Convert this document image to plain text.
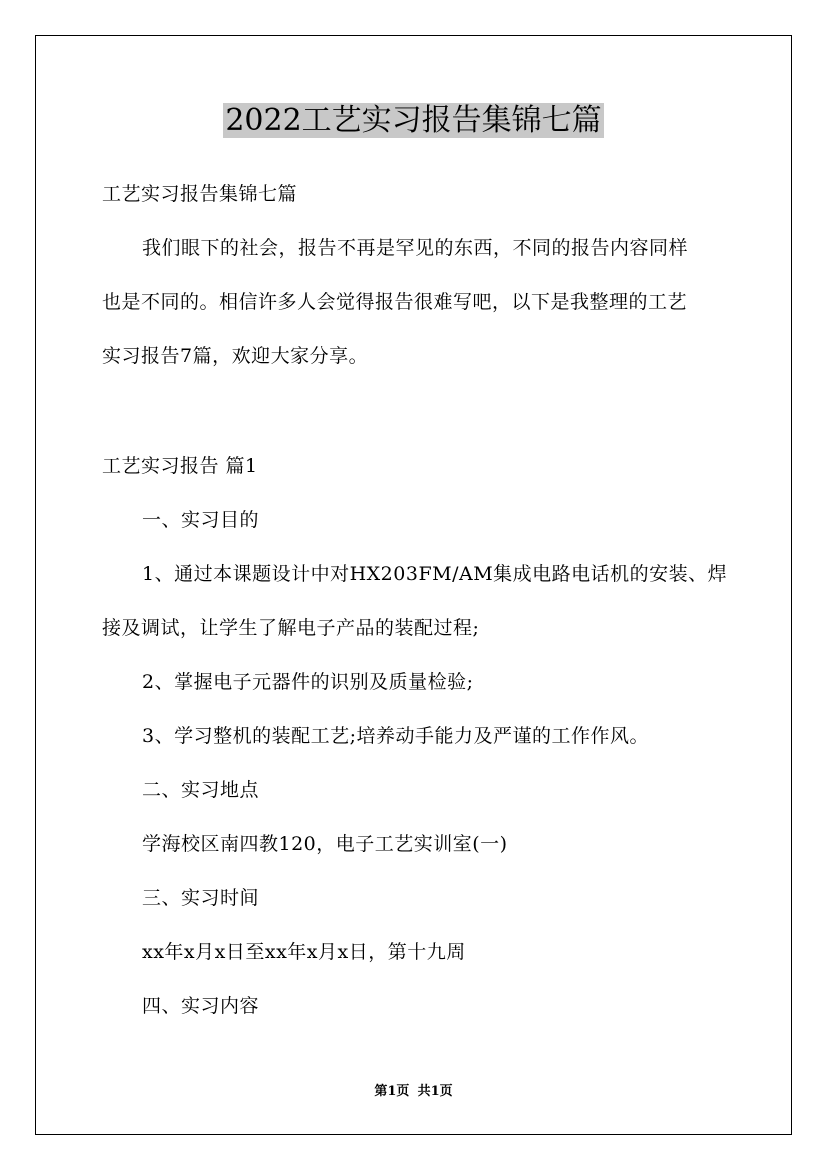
2022工艺实习报告集锦七篇
工艺实习报告集锦七篇
我们眼下的社会，报告不再是罕见的东西，不同的报告内容同样
也是不同的。相信许多人会觉得报告很难写吧，以下是我整理的工艺
实习报告7篇，欢迎大家分享。
工艺实习报告 篇1
一、实习目的
1、通过本课题设计中对HX203FM/AM集成电路电话机的安装、焊
接及调试，让学生了解电子产品的装配过程;
2、掌握电子元器件的识别及质量检验;
3、学习整机的装配工艺;培养动手能力及严谨的工作作风。
二、实习地点
学海校区南四教120，电子工艺实训室(一)
三、实习时间
xx年x月x日至xx年x月x日，第十九周
四、实习内容
第1页 共1页
